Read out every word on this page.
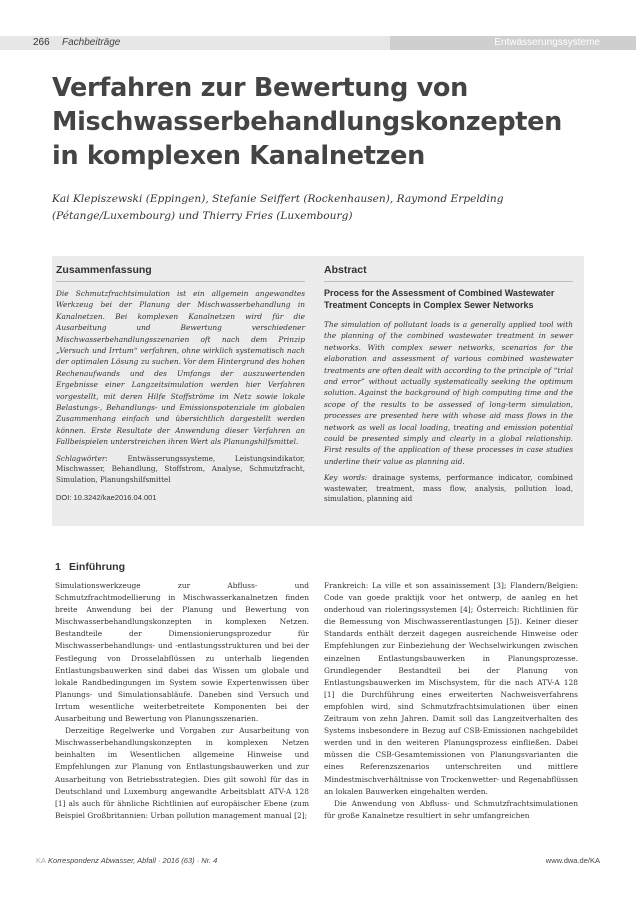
266 Fachbeiträge	Entwässerungssysteme
Verfahren zur Bewertung von Mischwasserbehandlungskonzepten in komplexen Kanalnetzen
Kai Klepiszewski (Eppingen), Stefanie Seiffert (Rockenhausen), Raymond Erpelding (Pétange/Luxembourg) und Thierry Fries (Luxembourg)
Zusammenfassung
Die Schmutzfrachtsimulation ist ein allgemein angewandtes Werkzeug bei der Planung der Mischwasserbehandlung in Kanalnetzen. Bei komplexen Kanalnetzen wird für die Ausarbeitung und Bewertung verschiedener Mischwasserbehandlungsszenarien oft nach dem Prinzip „Versuch und Irrtum“ verfahren, ohne wirklich systematisch nach der optimalen Lösung zu suchen. Vor dem Hintergrund des hohen Rechenaufwands und des Umfangs der auszuwertenden Ergebnisse einer Langzeitsimulation werden hier Verfahren vorgestellt, mit deren Hilfe Stoffströme im Netz sowie lokale Belastungs-, Behandlungs- und Emissionspotenziale im globalen Zusammenhang einfach und übersichtlich dargestellt werden können. Erste Resultate der Anwendung dieser Verfahren an Fallbeispielen unterstreichen ihren Wert als Planungshilfsmittel.
Schlagwörter:	Entwässerungssysteme, Leistungsindikator, Mischwasser, Behandlung, Stoffstrom, Analyse, Schmutzfracht, Simulation, Planungshilfsmittel
DOI: 10.3242/kae2016.04.001
Abstract
Process for the Assessment of Combined Wastewater Treatment Concepts in Complex Sewer Networks
The simulation of pollutant loads is a generally applied tool with the planning of the combined wastewater treatment in sewer networks. With complex sewer networks, scenarios for the elaboration and assessment of various combined wastewater treatments are often dealt with according to the principle of “trial and error” without actually systematically seeking the optimum solution. Against the background of high computing time and the scope of the results to be assessed of long-term simulation, processes are presented here with whose aid mass flows in the network as well as local loading, treating and emission potential could be presented simply and clearly in a global relationship. First results of the application of these processes in case studies underline their value as planning aid.
Key words: drainage systems, performance indicator, combined wastewater, treatment, mass flow, analysis, pollution load, simulation, planning aid
1 Einführung

Simulationswerkzeuge zur Abfluss- und Schmutzfrachtmodellierung in Mischwasserkanalnetzen finden breite Anwendung bei der Planung und Bewertung von Mischwasserbehandlungskonzepten in komplexen Netzen. Bestandteile der Dimensionierungsprozedur für Mischwasserbehandlungs- und -entlastungsstrukturen und bei der Festlegung von Drosselabflüssen zu unterhalb liegenden Entlastungsbauwerken sind dabei das Wissen um globale und lokale Randbedingungen im System sowie Expertenwissen über Planungs- und Simulationsabläufe. Daneben sind Versuch und Irrtum wesentliche weiterbetreitete Komponenten bei der Ausarbeitung und Bewertung von Planungsszenarien.

Derzeitige Regelwerke und Vorgaben zur Ausarbeitung von Mischwasserbehandlungskonzepten in komplexen Netzen beinhalten im Wesentlichen allgemeine Hinweise und Empfehlungen zur Planung von Entlastungsbauwerken und zur Ausarbeitung von Betriebsstrategien. Dies gilt sowohl für das in Deutschland und Luxemburg angewandte Arbeitsblatt ATV-A 128 [1] als auch für ähnliche Richtlinien auf europäischer Ebene (zum Beispiel Großbritannien: Urban pollution management manual [2];

Frankreich: La ville et son assainissement [3]; Flandern/Belgien: Code van goede praktijk voor het ontwerp, de aanleg en het onderhoud van rioleringssystemen [4]; Österreich: Richtlinien für die Bemessung von Mischwasserentlastungen [5]). Keiner dieser Standards enthält derzeit dagegen ausreichende Hinweise oder Empfehlungen zur Einbeziehung der Wechselwirkungen zwischen einzelnen Entlastungsbauwerken in Planungsprozesse. Grundlegender Bestandteil bei der Planung von Entlastungsbauwerken im Mischsystem, für die nach ATV-A 128 [1] die Durchführung eines erweiterten Nachweisverfahrens empfohlen wird, sind Schmutzfrachtsimulationen über einen Zeitraum von zehn Jahren. Damit soll das Langzeitverhalten des Systems insbesondere in Bezug auf CSB-Emissionen nachgebildet werden und in den weiteren Planungsprozess einfließen. Dabei müssen die CSB-Gesamtemissionen von Planungsvarianten die eines Referenzszenarios unterschreiten und mittlere Mindestmischverhältnisse von Trockenwetter- und Regenabflüssen an lokalen Bauwerken eingehalten werden.

Die Anwendung von Abfluss- und Schmutzfrachtsimulationen für große Kanalnetze resultiert in sehr umfangreichen

KA Korrespondenz Abwasser, Abfall · 2016 (63) · Nr. 4	www.dwa.de/KA
